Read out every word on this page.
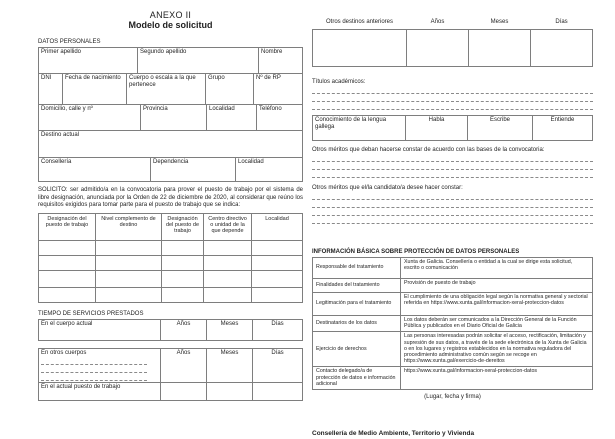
ANEXO II
Modelo de solicitud
DATOS PERSONALES
Primer apellido	Segundo apellido	Nombre
DNI	Fecha de nacimiento	Cuerpo o escala a la que pertenece	Grupo	Nº de RP
Domicilio, calle y nº	Provincia	Localidad	Teléfono
Destino actual
Consellería	Dependencia	Localidad

SOLICITO: ser admitido/a en la convocatoria para prover el puesto de trabajo por el sistema de libre designación, anunciada por la Orden de 22 de diciembre de 2020, al considerar que reúno los requisitos exigidos para tomar parte para el puesto de trabajo que se indica:

Designación del puesto de trabajo	Nivel complemento de destino	Designación del puesto de trabajo	Centro directivo o unidad de la que depende	Localidad

TIEMPO DE SERVICIOS PRESTADOS
En el cuerpo actual	Años	Meses	Días
En otros cuerpos	Años	Meses	Días
En el actual puesto de trabajo			
Otros destinos anteriores	Años	Meses	Días

Títulos académicos:
Conocimiento de la lengua gallega	Habla	Escribe	Entiende
Otros méritos que deban hacerse constar de acuerdo con las bases de la convocatoria:
Otros méritos que el/la candidato/a desee hacer constar:
INFORMACIÓN BÁSICA SOBRE PROTECCIÓN DE DATOS PERSONALES
Responsable del tratamiento	Xunta de Galicia. Consellería o entidad a la cual se dirige esta solicitud, escrito o comunicación
Finalidades del tratamiento	Provisión de puesto de trabajo
Legitimación para el tratamiento	El cumplimiento de una obligación legal según la normativa general y sectorial referida en https://www.xunta.gal/informacion-xeral-proteccion-datos
Destinatarios de los datos	Los datos deberán ser comunicados a la Dirección General de la Función Pública y publicados en el Diario Oficial de Galicia
Ejercicio de derechos	Las personas interesadas podrán solicitar el acceso, rectificación, limitación y supresión de sus datos, a través de la sede electrónica de la Xunta de Galicia o en los lugares y registros establecidos en la normativa reguladora del procedimiento administrativo común según se recoge en https://www.xunta.gal/exercicio-de-dereitos
Contacto delegado/a de protección de datos e información adicional	https://www.xunta.gal/informacion-xeral-proteccion-datos
(Lugar, fecha y firma)
Consellería de Medio Ambiente, Territorio y Vivienda
